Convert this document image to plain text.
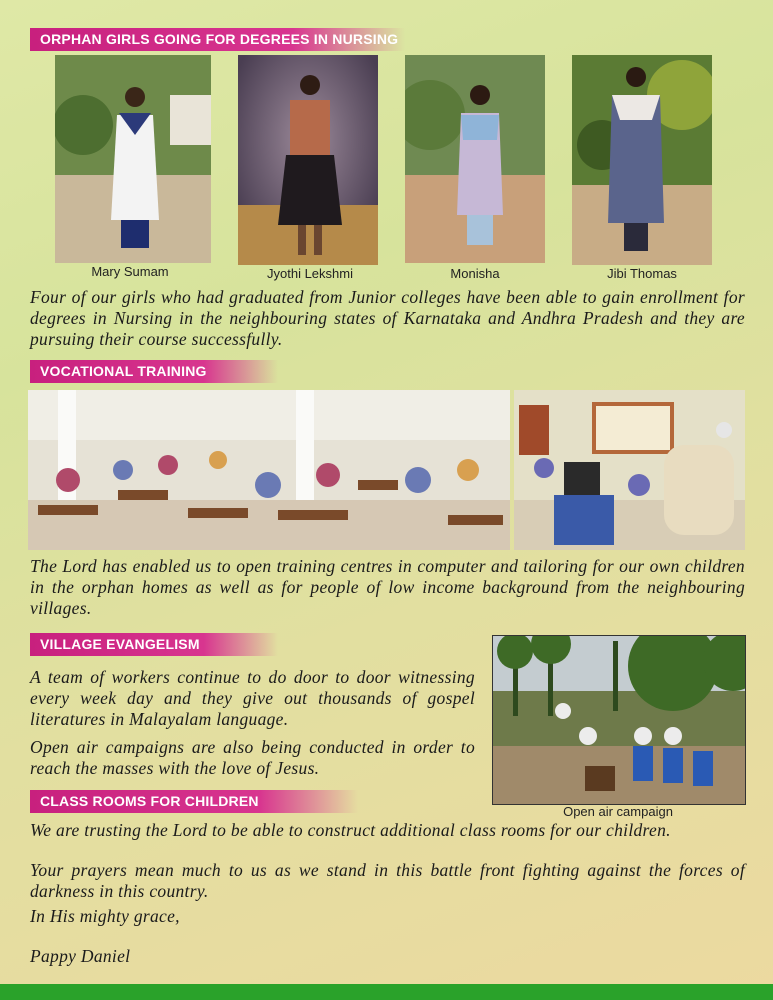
ORPHAN GIRLS GOING FOR DEGREES IN NURSING
Mary Sumam	Jyothi Lekshmi	Monisha	Jibi Thomas
Four of our girls who had graduated from Junior colleges have been able to gain enrollment for degrees in Nursing in the neighbouring states of Karnataka and Andhra Pradesh and they are pursuing their course successfully.
VOCATIONAL TRAINING
The Lord has enabled us to open training centres in computer and tailoring for our own children in the orphan homes as well as for people of low income background from the neighbouring villages.
VILLAGE EVANGELISM
A team of workers continue to do door to door witnessing every week day and they give out thousands of gospel literatures in Malayalam language.
Open air campaigns are also being conducted in order to reach the masses with the love of Jesus.
Open air campaign
CLASS ROOMS FOR CHILDREN
We are trusting the Lord to be able to construct additional class rooms for our children.
Your prayers mean much to us as we stand in this battle front fighting against the forces of darkness in this country.
In His mighty grace,
Pappy Daniel
